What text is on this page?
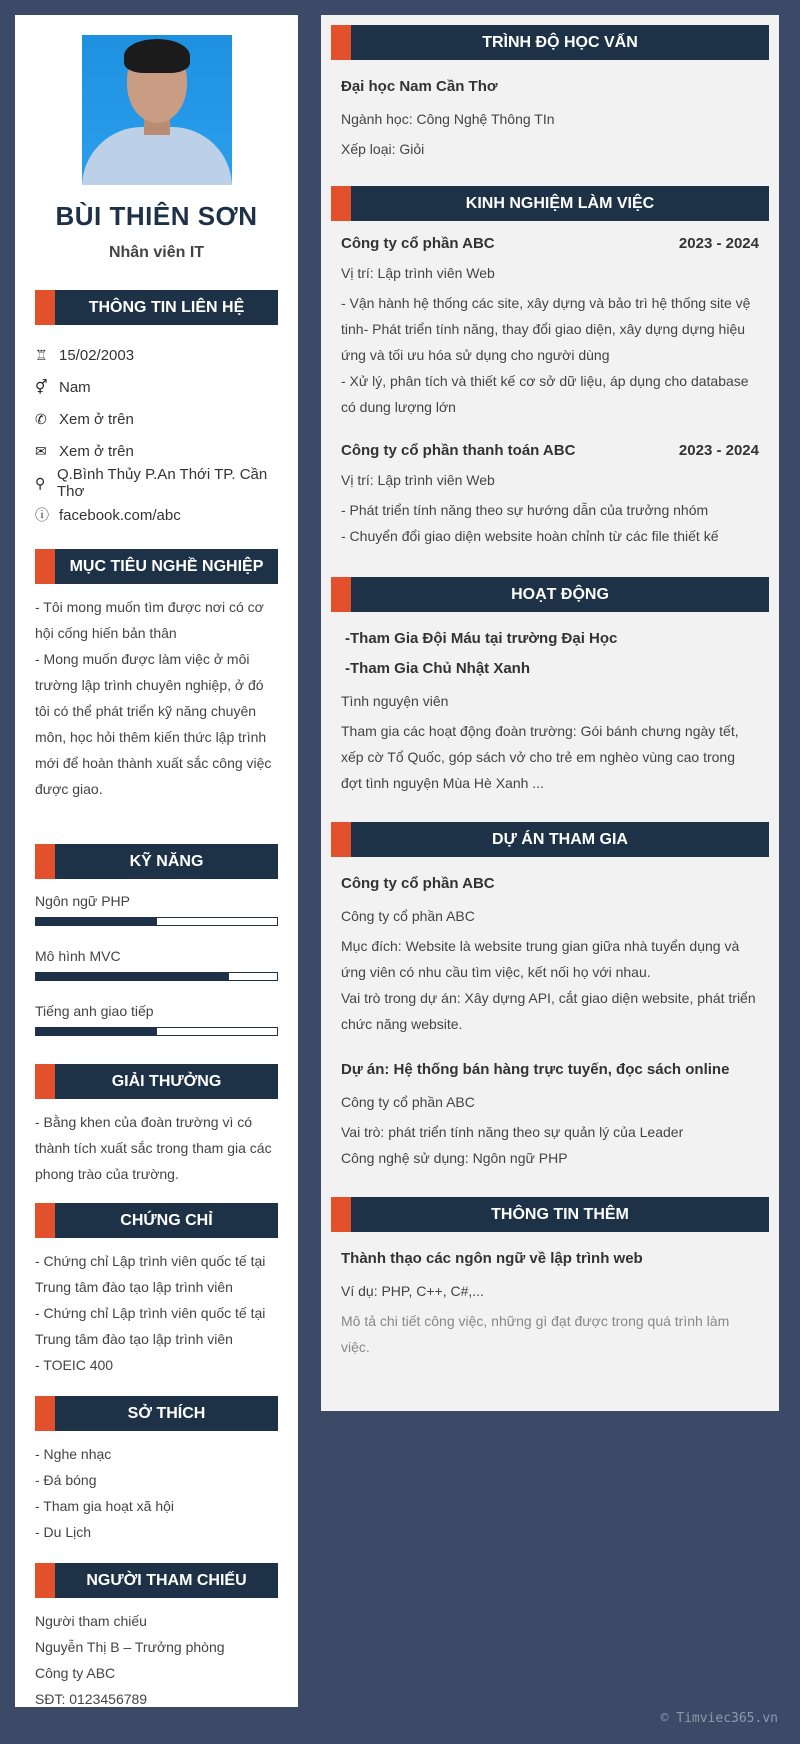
BÙI THIÊN SƠN
Nhân viên IT
THÔNG TIN LIÊN HỆ
♖ 15/02/2003
⚥ Nam
✆ Xem ở trên
✉ Xem ở trên
⚲ Q.Bình Thủy P.An Thới TP. Cần Thơ
ⓘ facebook.com/abc
MỤC TIÊU NGHỀ NGHIỆP
- Tôi mong muốn tìm được nơi có cơ hội cống hiến bản thân
- Mong muốn được làm việc ở môi trường lập trình chuyên nghiệp, ở đó tôi có thể phát triển kỹ năng chuyên môn, học hỏi thêm kiến thức lập trình mới để hoàn thành xuất sắc công việc được giao.
KỸ NĂNG
Ngôn ngữ PHP
Mô hình MVC
Tiếng anh giao tiếp
GIẢI THƯỞNG
- Bằng khen của đoàn trường vì có thành tích xuất sắc trong tham gia các phong trào của trường.
CHỨNG CHỈ
- Chứng chỉ Lập trình viên quốc tế tại Trung tâm đào tạo lập trình viên
- Chứng chỉ Lập trình viên quốc tế tại Trung tâm đào tạo lập trình viên
- TOEIC 400
SỞ THÍCH
- Nghe nhạc
- Đá bóng
- Tham gia hoạt xã hội
- Du Lịch
NGƯỜI THAM CHIẾU
Người tham chiếu
Nguyễn Thị B – Trưởng phòng
Công ty ABC
SĐT: 0123456789
TRÌNH ĐỘ HỌC VẤN
Đại học Nam Cần Thơ
Ngành học: Công Nghệ Thông TIn
Xếp loại: Giỏi
KINH NGHIỆM LÀM VIỆC
Công ty cổ phần ABC	2023 - 2024
Vị trí: Lập trình viên Web
- Vận hành hệ thống các site, xây dựng và bảo trì hệ thống site vệ tinh- Phát triển tính năng, thay đổi giao diện, xây dựng dựng hiệu ứng và tối ưu hóa sử dụng cho người dùng
- Xử lý, phân tích và thiết kế cơ sở dữ liệu, áp dụng cho database có dung lượng lớn
Công ty cổ phần thanh toán ABC	2023 - 2024
Vị trí: Lập trình viên Web
- Phát triển tính năng theo sự hướng dẫn của trưởng nhóm
- Chuyển đổi giao diện website hoàn chỉnh từ các file thiết kế
HOẠT ĐỘNG
-Tham Gia Đội Máu tại trường Đại Học
-Tham Gia Chủ Nhật Xanh
Tình nguyện viên
Tham gia các hoạt động đoàn trường: Gói bánh chưng ngày tết, xếp cờ Tổ Quốc, góp sách vở cho trẻ em nghèo vùng cao trong đợt tình nguyện Mùa Hè Xanh ...
DỰ ÁN THAM GIA
Công ty cổ phần ABC
Công ty cổ phần ABC
Mục đích: Website là website trung gian giữa nhà tuyển dụng và ứng viên có nhu cầu tìm việc, kết nối họ với nhau.
Vai trò trong dự án: Xây dựng API, cắt giao diện website, phát triển chức năng website.
Dự án: Hệ thống bán hàng trực tuyến, đọc sách online
Công ty cổ phần ABC
Vai trò: phát triển tính năng theo sự quản lý của Leader
Công nghệ sử dụng: Ngôn ngữ PHP
THÔNG TIN THÊM
Thành thạo các ngôn ngữ về lập trình web
Ví dụ: PHP, C++, C#,...
Mô tả chi tiết công việc, những gì đạt được trong quá trình làm việc.
© Timviec365.vn
